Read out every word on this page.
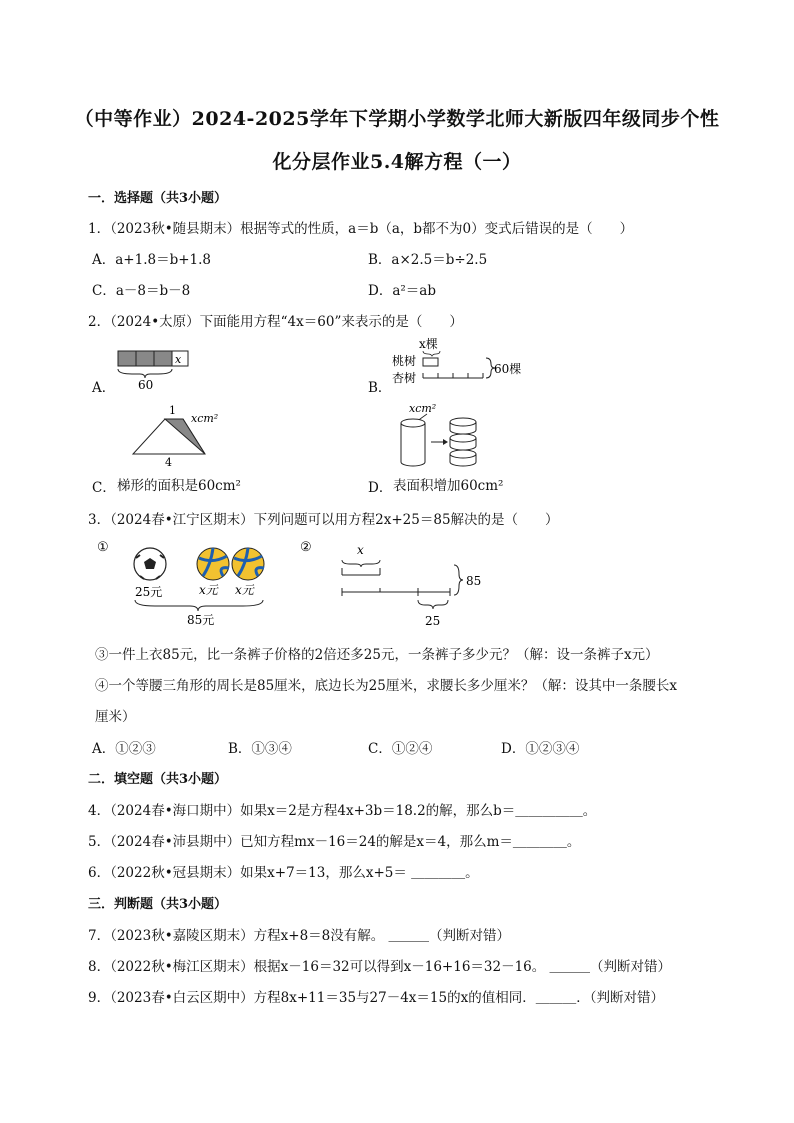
（中等作业）2024-2025学年下学期小学数学北师大新版四年级同步个性
化分层作业5.4解方程（一）
一．选择题（共3小题）
1．（2023秋•随县期末）根据等式的性质，a＝b（a，b都不为0）变式后错误的是（　　）
A．a+1.8＝b+1.8	B．a×2.5＝b÷2.5
C．a－8＝b－8	D．a²＝ab
2．（2024•太原）下面能用方程“4x＝60”来表示的是（　　）
A．
x
60	B．
x棵
桃树
杏树
60棵
1
xcm²
4
C． 梯形的面积是60cm²
xcm²
D． 表面积增加60cm²
3．（2024春•江宁区期末）下列问题可以用方程2x+25＝85解决的是（　　）
①
25元	x元 x元
85元
②	x
85
25
③一件上衣85元，比一条裤子价格的2倍还多25元，一条裤子多少元？（解：设一条裤子x元）
④一个等腰三角形的周长是85厘米，底边长为25厘米，求腰长多少厘米？（解：设其中一条腰长x
厘米）
A．①②③	B．①③④	C．①②④	D．①②③④
二．填空题（共3小题）
4．（2024春•海口期中）如果x＝2是方程4x+3b＝18.2的解，那么b＝＿＿＿＿＿。
5．（2024春•沛县期中）已知方程mx－16＝24的解是x＝4，那么m＝＿＿＿＿。
6．（2022秋•冠县期末）如果x+7＝13，那么x+5＝ ＿＿＿＿。
三．判断题（共3小题）
7．（2023秋•嘉陵区期末）方程x+8＝8没有解。 ＿＿＿（判断对错）
8．（2022秋•梅江区期末）根据x－16＝32可以得到x－16+16＝32－16。 ＿＿＿（判断对错）
9．（2023春•白云区期中）方程8x+11＝35与27－4x＝15的x的值相同．＿＿＿．（判断对错）
